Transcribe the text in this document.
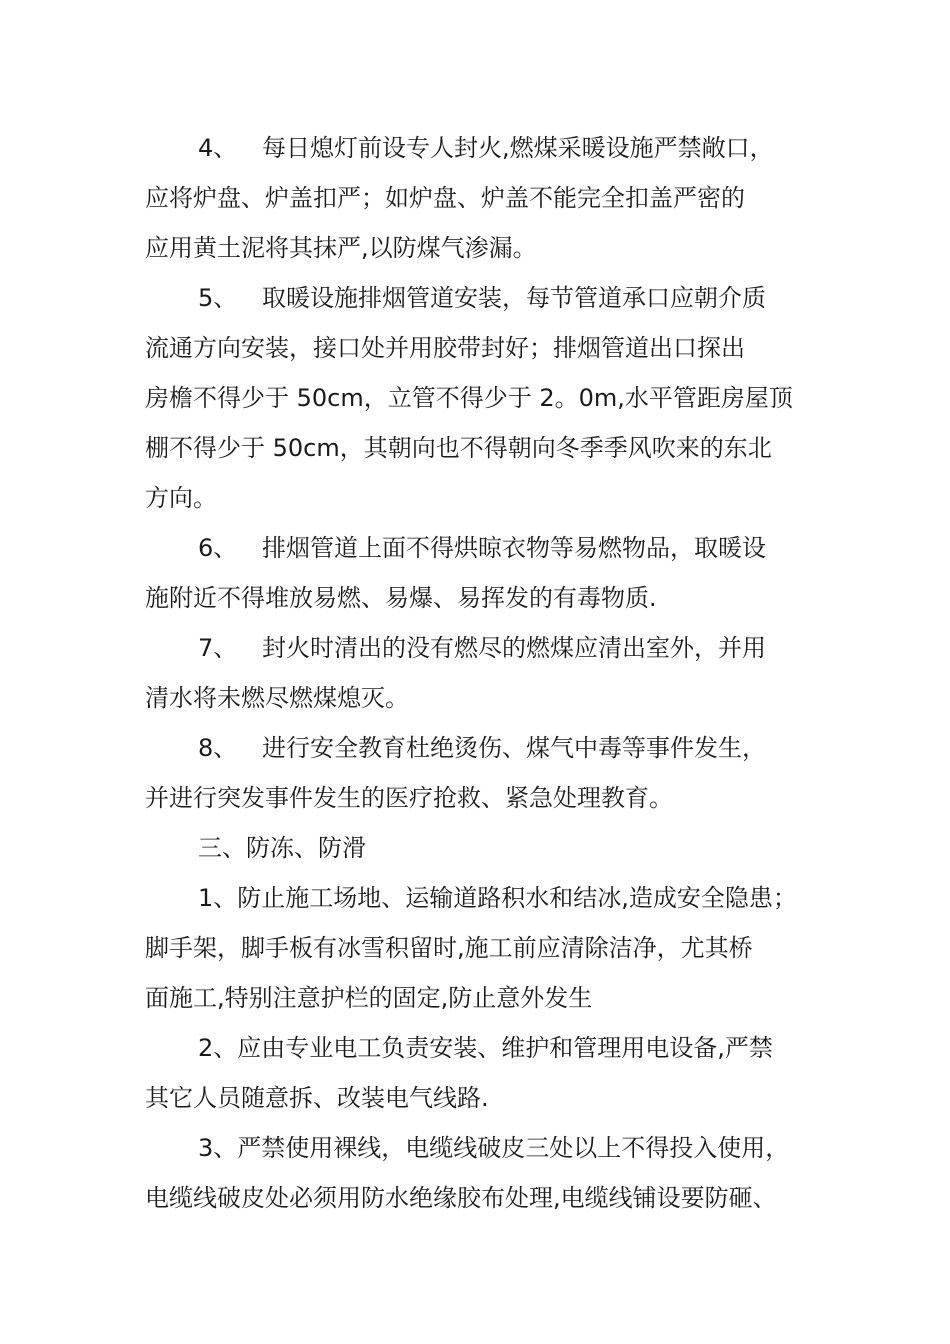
4、 每日熄灯前设专人封火,燃煤采暖设施严禁敞口，
应将炉盘、炉盖扣严；如炉盘、炉盖不能完全扣盖严密的
应用黄土泥将其抹严,以防煤气渗漏。
5、 取暖设施排烟管道安装，每节管道承口应朝介质
流通方向安装，接口处并用胶带封好；排烟管道出口探出
房檐不得少于 50cm，立管不得少于 2。0m,水平管距房屋顶
棚不得少于 50cm，其朝向也不得朝向冬季季风吹来的东北
方向。
6、 排烟管道上面不得烘晾衣物等易燃物品，取暖设
施附近不得堆放易燃、易爆、易挥发的有毒物质.
7、 封火时清出的没有燃尽的燃煤应清出室外，并用
清水将未燃尽燃煤熄灭。
8、 进行安全教育杜绝烫伤、煤气中毒等事件发生，
并进行突发事件发生的医疗抢救、紧急处理教育。
三、防冻、防滑
1、防止施工场地、运输道路积水和结冰,造成安全隐患；
脚手架，脚手板有冰雪积留时,施工前应清除洁净，尤其桥
面施工,特别注意护栏的固定,防止意外发生
2、应由专业电工负责安装、维护和管理用电设备,严禁
其它人员随意拆、改装电气线路.
3、严禁使用裸线，电缆线破皮三处以上不得投入使用，
电缆线破皮处必须用防水绝缘胶布处理,电缆线铺设要防砸、
